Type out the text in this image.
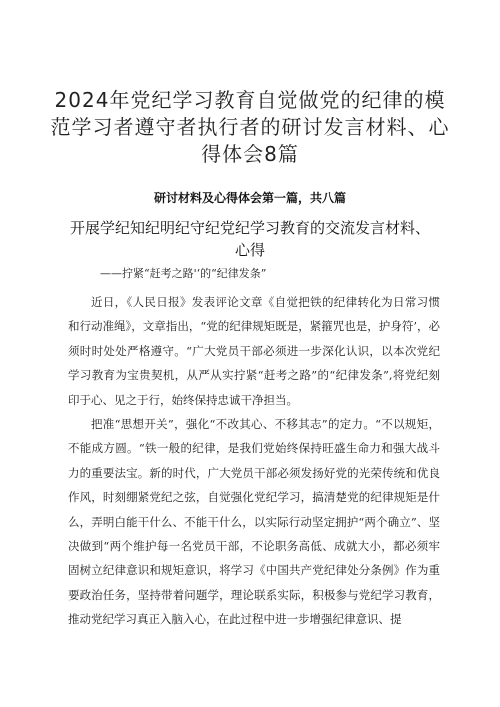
2024年党纪学习教育自觉做党的纪律的模范学习者遵守者执行者的研讨发言材料、心得体会8篇
研讨材料及心得体会第一篇，共八篇
开展学纪知纪明纪守纪党纪学习教育的交流发言材料、心得
——拧紧“赶考之路'‘的“纪律发条”

近日，《人民日报》发表评论文章《自觉把铁的纪律转化为日常习惯和行动准绳》，文章指出，“党的纪律规矩既是，紧箍咒也是，护身符’，必须时时处处严格遵守。“广大党员干部必须进一步深化认识，以本次党纪学习教育为宝贵契机，从严从实拧紧“赶考之路”的“纪律发条”,将党纪刻印于心、见之于行，始终保持忠诚干净担当。

把准“思想开关”，强化“不改其心、不移其志”的定力。“不以规矩，不能成方圆。“铁一般的纪律，是我们党始终保持旺盛生命力和强大战斗力的重要法宝。新的时代，广大党员干部必须发扬好党的光荣传统和优良作风，时刻绷紧党纪之弦，自觉强化党纪学习，搞清楚党的纪律规矩是什么，弄明白能干什么、不能干什么，以实际行动坚定拥护“两个确立”、坚决做到“两个维护每一名党员干部，不论职务高低、成就大小，都必须牢固树立纪律意识和规矩意识，将学习《中国共产党纪律处分条例》作为重要政治任务，坚持带着问题学，理论联系实际，积极参与党纪学习教育，推动党纪学习真正入脑入心，在此过程中进一步增强纪律意识、提
